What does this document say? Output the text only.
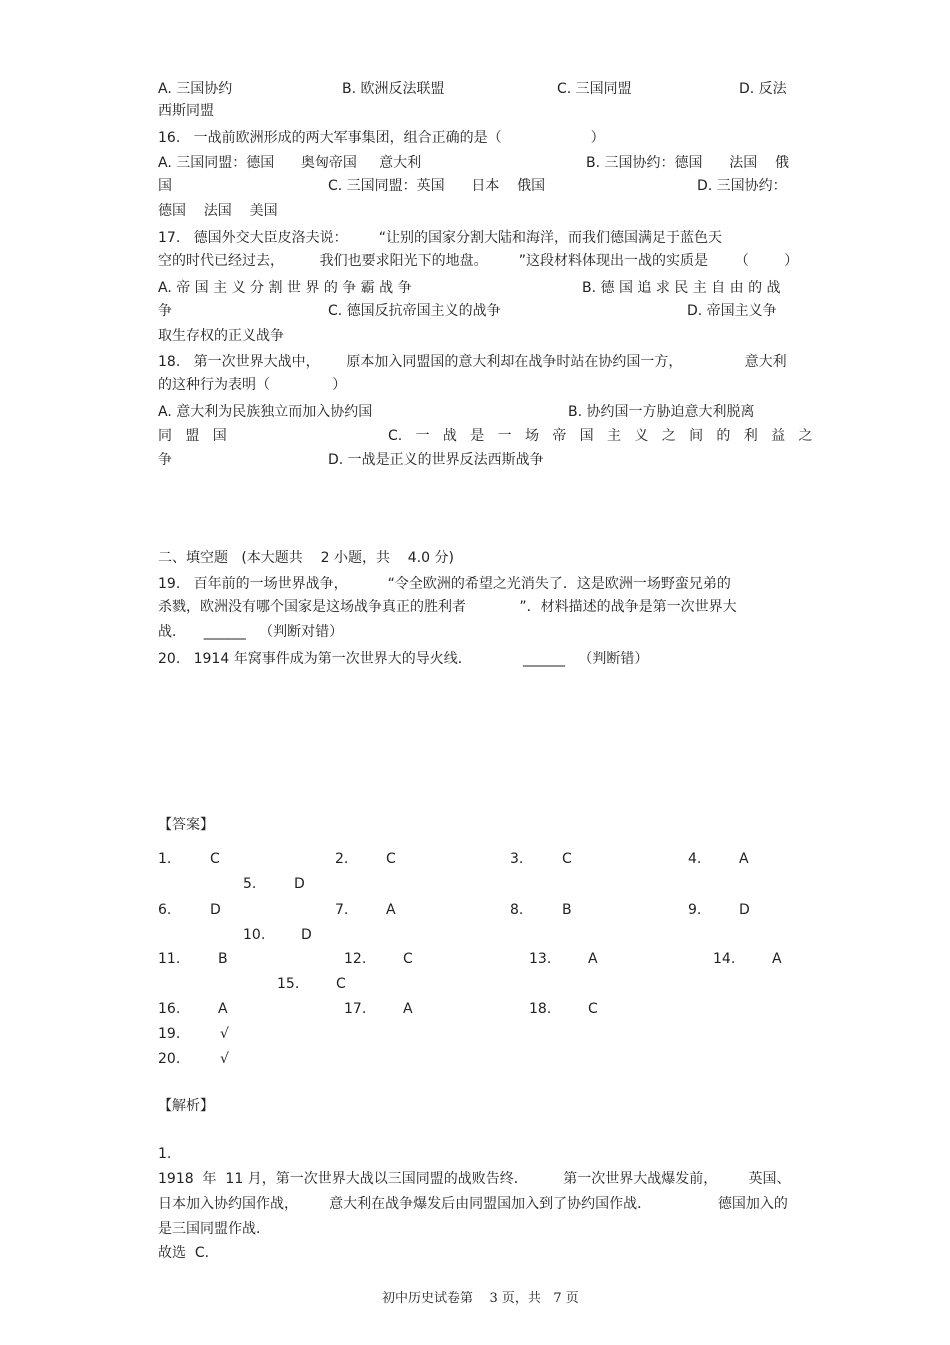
A. 三国协约	B. 欧洲反法联盟	C. 三国同盟	D. 反法
西斯同盟
16.   一战前欧洲形成的两大军事集团，组合正确的是（                    ）
A. 三国同盟：德国      奥匈帝国     意大利	B. 三国协约：德国      法国    俄
国	C. 三国同盟：英国      日本    俄国	D. 三国协约：
德国    法国    美国
17.   德国外交大臣皮洛夫说：       “让别的国家分割大陆和海洋，而我们德国满足于蓝色天
空的时代已经过去，        我们也要求阳光下的地盘。       ”这段材料体现出一战的实质是      （        ）
A. 帝 国 主 义 分 割 世 界 的 争 霸 战 争	B. 德 国 追 求 民 主 自 由 的 战
争	C. 德国反抗帝国主义的战争	D. 帝国主义争
取生存权的正义战争
18.   第一次世界大战中，      原本加入同盟国的意大利却在战争时站在协约国一方，              意大利
的这种行为表明（              ）
A. 意大利为民族独立而加入协约国	B. 协约国一方胁迫意大利脱离
同   盟   国	C.   一   战   是   一   场   帝   国   主   义   之   间   的   利   益   之
争	D. 一战是正义的世界反法西斯战争
二、填空题   (本大题共    2 小题，共    4.0 分)
19.   百年前的一场世界战争，         “令全欧洲的希望之光消失了．这是欧洲一场野蛮兄弟的
杀戮，欧洲没有哪个国家是这场战争真正的胜利者            ”．材料描述的战争是第一次世界大
战．    ______   （判断对错）
20.   1914 年窝事件成为第一次世界大的导火线．	______   （判断错）
【答案】
1.	C	2.	C	3.	C	4.	A
5.	D
6.	D	7.	A	8.	B	9.	D
10.	D
11.	B	12.	C	13.	A	14.	A
15.	C
16.	A	17.	A	18.	C
19.	√
20.	√
【解析】
1.
1918  年  11 月，第一次世界大战以三国同盟的战败告终．        第一次世界大战爆发前，       英国、
日本加入协约国作战，       意大利在战争爆发后由同盟国加入到了协约国作战．               德国加入的
是三国同盟作战．
故选  C.
初中历史试卷第    3 页，共   7 页
